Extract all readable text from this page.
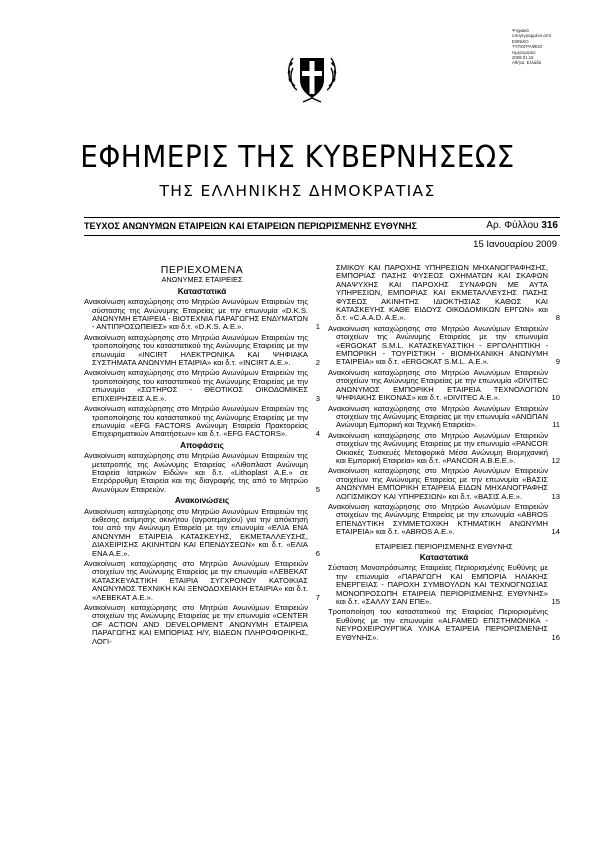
Ψηφιακά
υπογεγραμμένο από
ΕΘΝΙΚΟ
ΤΥΠΟΓΡΑΦΕΙΟ
Ημερομηνία:
2009.01.15
Αθήνα, Ελλάδα
ΕΦΗΜΕΡΙΣ ΤΗΣ ΚΥΒΕΡΝΗΣΕΩΣ
ΤΗΣ ΕΛΛΗΝΙΚΗΣ ΔΗΜΟΚΡΑΤΙΑΣ
ΤΕΥΧΟΣ ΑΝΩΝΥΜΩΝ ΕΤΑΙΡΕΙΩΝ ΚΑΙ ΕΤΑΙΡΕΙΩΝ ΠΕΡΙΩΡΙΣΜΕΝΗΣ ΕΥΘΥΝΗΣ	Αρ. Φύλλου 316
15 Ιανουαρίου 2009
ΠΕΡΙΕΧΟΜΕΝΑ
ΑΝΩΝΥΜΕΣ ΕΤΑΙΡΕΙΕΣ
Καταστατικά
Ανακοίνωση καταχώρησης στο Μητρώο Ανωνύμων Εταιρειών της σύστασης της Ανώνυμης Εταιρείας με την επωνυμία «D.K.S. ΑΝΩΝΥΜΗ ΕΤΑΙΡΕΙΑ - ΒΙΟΤΕΧΝΙΑ ΠΑΡΑΓΩΓΗΣ ΕΝΔΥΜΑΤΩΝ - ΑΝΤΙΠΡΟΣΩΠΕΙΕΣ» και δ.τ. «D.K.S. Α.Ε.».	1
Ανακοίνωση καταχώρησης στο Μητρώο Ανωνύμων Εταιρειών της τροποποίησης του καταστατικού της Ανώνυμης Εταιρείας με την επωνυμία «INCIRT ΗΛΕΚΤΡΟΝΙΚΑ ΚΑΙ ΨΗΦΙΑΚΑ ΣΥΣΤΗΜΑΤΑ ΑΝΩΝΥΜΗ ΕΤΑΙΡΙΑ» και δ.τ. «INCIRT A.E.».	2
Ανακοίνωση καταχώρησης στο Μητρώο Ανωνύμων Εταιρειών της τροποποίησης του καταστατικού της Ανώνυμης Εταιρείας με την επωνυμία «ΣΩΤΗΡΟΣ - ΘΕΟΤΙΚΟΣ ΟΙΚΟΔΟΜΙΚΕΣ ΕΠΙΧΕΙΡΗΣΕΙΣ Α.Ε.».	3
Ανακοίνωση καταχώρησης στο Μητρώο Ανωνύμων Εταιρειών της τροποποίησης του καταστατικού της Ανώνυμης Εταιρείας με την επωνυμία «EFG FACTORS Ανώνυμη Εταιρεία Πρακτορείας Επιχειρηματικών Απαιτήσεων» και δ.τ. «EFG FACTORS».	4
Αποφάσεις
Ανακοίνωση καταχώρησης στο Μητρώο Ανωνύμων Εταιρειών της μετατροπής της Ανώνυμης Εταιρείας «Λιθοπλαστ Ανώνυμη Εταιρεία Ιατρικών Ειδών» και δ.τ. «Lithoplast A.E.» σε Ετερόρρυθμη Εταιρεία και της διαγραφής της από το Μητρώο Ανωνύμων Εταιρειών.	5
Ανακοινώσεις
Ανακοίνωση καταχώρησης στο Μητρώο Ανωνύμων Εταιρειών της έκθεσης εκτίμησης ακινήτου (αγροτεμαχίου) για την απόκτησή του από την Ανώνυμη Εταιρεία με την επωνυμία «ΕΛΙΑ ΕΝΑ ΑΝΩΝΥΜΗ ΕΤΑΙΡΕΙΑ ΚΑΤΑΣΚΕΥΗΣ, ΕΚΜΕΤΑΛΛΕΥΣΗΣ, ΔΙΑΧΕΙΡΙΣΗΣ ΑΚΙΝΗΤΩΝ ΚΑΙ ΕΠΕΝΔΥΣΕΩΝ» και δ.τ. «ΕΛΙΑ ΕΝΑ Α.Ε.».	6
Ανακοίνωση καταχώρησης στο Μητρώο Ανωνύμων Εταιρειών στοιχείων της Ανώνυμης Εταιρείας με την επωνυμία «ΛΕΒΕΚΑΤ ΚΑΤΑΣΚΕΥΑΣΤΙΚΗ ΕΤΑΙΡΙΑ ΣΥΓΧΡΟΝΟΥ ΚΑΤΟΙΚΙΑΣ ΑΝΩΝΥΜΟΣ ΤΕΧΝΙΚΗ ΚΑΙ ΞΕΝΟΔΟΧΕΙΑΚΗ ΕΤΑΙΡΙΑ» και δ.τ. «ΛΕΒΕΚΑΤ Α.Ε.».	7
Ανακοίνωση καταχώρησης στο Μητρώο Ανωνύμων Εταιρειών στοιχείων της Ανώνυμης Εταιρείας με την επωνυμία «CENTER OF ACTION AND DEVELOPMENT ΑΝΩΝΥΜΗ ΕΤΑΙΡΕΙΑ ΠΑΡΑΓΩΓΗΣ ΚΑΙ ΕΜΠΟΡΙΑΣ Η/Υ, ΒΙΔΕΩΝ ΠΛΗΡΟΦΟΡΙΚΗΣ, ΛΟΓΙ-
ΣΜΙΚΟΥ ΚΑΙ ΠΑΡΟΧΗΣ ΥΠΗΡΕΣΙΩΝ ΜΗΧΑΝΟΓΡΑΦΗΣΗΣ, ΕΜΠΟΡΙΑΣ ΠΑΣΗΣ ΦΥΣΕΩΣ ΟΧΗΜΑΤΩΝ ΚΑΙ ΣΚΑΦΩΝ ΑΝΑΨΥΧΗΣ ΚΑΙ ΠΑΡΟΧΗΣ ΣΥΝΑΦΩΝ ΜΕ ΑΥΤΑ ΥΠΗΡΕΣΙΩΝ, ΕΜΠΟΡΙΑΣ ΚΑΙ ΕΚΜΕΤΑΛΛΕΥΣΗΣ ΠΑΣΗΣ ΦΥΣΕΩΣ ΑΚΙΝΗΤΗΣ ΙΔΙΟΚΤΗΣΙΑΣ ΚΑΘΩΣ ΚΑΙ ΚΑΤΑΣΚΕΥΗΣ ΚΑΘΕ ΕΙΔΟΥΣ ΟΙΚΟΔΟΜΙΚΩΝ ΕΡΓΩΝ» και δ.τ. «C.A.A.D. A.E.».	8
Ανακοίνωση καταχώρησης στο Μητρώο Ανωνύμων Εταιρειών στοιχείων της Ανώνυμης Εταιρείας με την επωνυμία «ERGOKAT S.M.L. ΚΑΤΑΣΚΕΥΑΣΤΙΚΗ - ΕΡΓΟΛΗΠΤΙΚΗ - ΕΜΠΟΡΙΚΗ - ΤΟΥΡΙΣΤΙΚΗ - ΒΙΟΜΗΧΑΝΙΚΗ ΑΝΩΝΥΜΗ ΕΤΑΙΡΕΙΑ» και δ.τ. «ERGOKAT S.M.L. Α.Ε.».	9
Ανακοίνωση καταχώρησης στο Μητρώο Ανωνύμων Εταιρειών στοιχείων της Ανώνυμης Εταιρείας με την επωνυμία «DIVITEC ΑΝΩΝΥΜΟΣ ΕΜΠΟΡΙΚΗ ΕΤΑΙΡΕΙΑ ΤΕΧΝΟΛΟΓΙΩΝ ΨΗΦΙΑΚΗΣ ΕΙΚΟΝΑΣ» και δ.τ. «DIVITEC A.E.».	10
Ανακοίνωση καταχώρησης στο Μητρώο Ανωνύμων Εταιρειών στοιχείων της Ανώνυμης Εταιρείας με την επωνυμία «ΑΝΩΠΑΝ Ανώνυμη Εμπορική και Τεχνική Εταιρεία».	11
Ανακοίνωση καταχώρησης στο Μητρώο Ανωνύμων Εταιρειών στοιχείων της Ανώνυμης Εταιρείας με την επωνυμία «PANCOR Οικιακές Συσκευές Μεταφορικά Μέσα Ανώνυμη Βιομηχανική και Εμπορική Εταιρεία» και δ.τ. «PANCOR A.B.E.E.».	12
Ανακοίνωση καταχώρησης στο Μητρώο Ανωνύμων Εταιρειών στοιχείων της Ανώνυμης Εταιρείας με την επωνυμία «ΒΑΣΙΣ ΑΝΩΝΥΜΗ ΕΜΠΟΡΙΚΗ ΕΤΑΙΡΕΙΑ ΕΙΔΩΝ ΜΗΧΑΝΟΓΡΑΦΗΣ ΛΟΓΙΣΜΙΚΟΥ ΚΑΙ ΥΠΗΡΕΣΙΩΝ» και δ.τ. «ΒΑΣΙΣ Α.Ε.».	13
Ανακοίνωση καταχώρησης στο Μητρώο Ανωνύμων Εταιρειών στοιχείων της Ανώνυμης Εταιρείας με την επωνυμία «ABROS ΕΠΕΝΔΥΤΙΚΗ ΣΥΜΜΕΤΟΧΙΚΗ ΚΤΗΜΑΤΙΚΗ ΑΝΩΝΥΜΗ ΕΤΑΙΡΕΙΑ» και δ.τ. «ABROS A.E.».	14
ΕΤΑΙΡΕΙΕΣ ΠΕΡΙΟΡΙΣΜΕΝΗΣ ΕΥΘΥΝΗΣ
Καταστατικά
Σύσταση Μονοπρόσωπης Εταιρείας Περιορισμένης Ευθύνης με την επωνυμία «ΠΑΡΑΓΩΓΗ ΚΑΙ ΕΜΠΟΡΙΑ ΗΛΙΑΚΗΣ ΕΝΕΡΓΕΙΑΣ - ΠΑΡΟΧΗ ΣΥΜΒΟΥΛΩΝ ΚΑΙ ΤΕΧΝΟΓΝΩΣΙΑΣ ΜΟΝΟΠΡΟΣΩΠΗ ΕΤΑΙΡΕΙΑ ΠΕΡΙΟΡΙΣΜΕΝΗΣ ΕΥΘΥΝΗΣ» και δ.τ. «ΣΑΛΛΥ ΣΑΝ ΕΠΕ».	15
Τροποποίηση του καταστατικού της Εταιρείας Περιορισμένης Ευθύνης με την επωνυμία «ALFAMED ΕΠΙΣΤΗΜΟΝΙΚΑ - ΝΕΥΡΟΧΕΙΡΟΥΡΓΙΚΑ ΥΛΙΚΑ ΕΤΑΙΡΕΙΑ ΠΕΡΙΟΡΙΣΜΕΝΗΣ ΕΥΘΥΝΗΣ».	16
